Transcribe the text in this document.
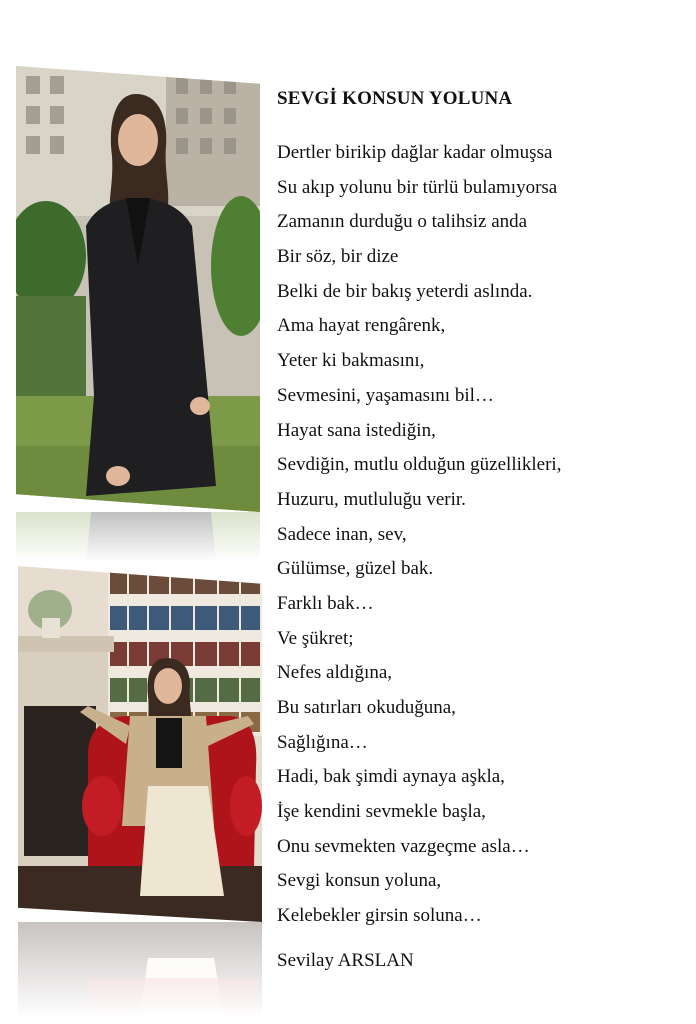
SEVGİ KONSUN YOLUNA
Dertler birikip dağlar kadar olmuşsa
Su akıp yolunu bir türlü bulamıyorsa
Zamanın durduğu o talihsiz anda
Bir söz, bir dize
Belki de bir bakış yeterdi aslında.
Ama hayat rengârenk,
Yeter ki bakmasını,
Sevmesini, yaşamasını bil…
Hayat sana istediğin,
Sevdiğin, mutlu olduğun güzellikleri,
Huzuru, mutluluğu verir.
Sadece inan, sev,
Gülümse, güzel bak.
Farklı bak…
Ve şükret;
Nefes aldığına,
Bu satırları okuduğuna,
Sağlığına…
Hadi, bak şimdi aynaya aşkla,
İşe kendini sevmekle başla,
Onu sevmekten vazgeçme asla…
Sevgi konsun yoluna,
Kelebekler girsin soluna…
Sevilay ARSLAN
